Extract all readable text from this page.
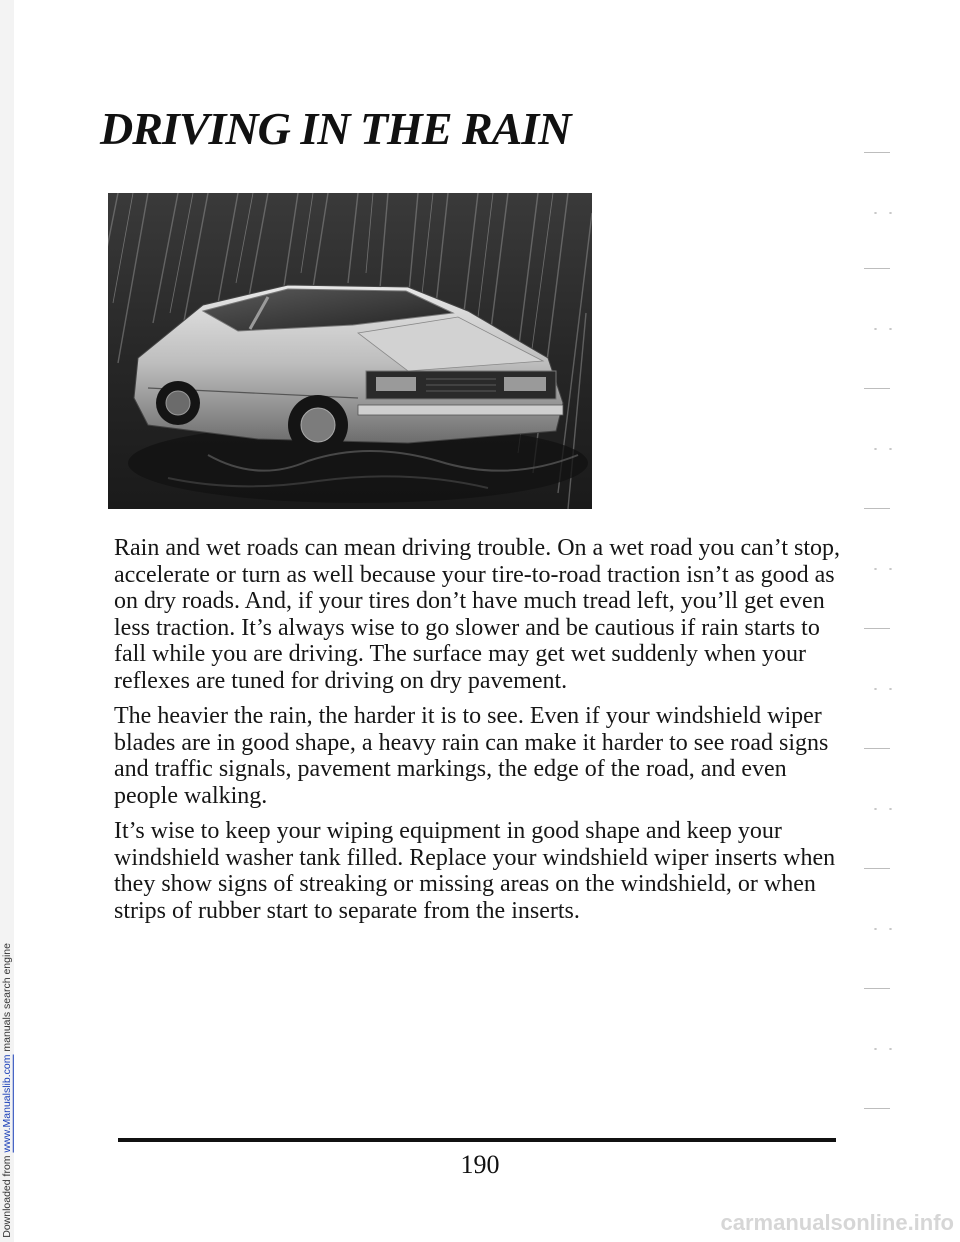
Downloaded from www.Manualslib.com manuals search engine
DRIVING IN THE RAIN

Rain and wet roads can mean driving trouble. On a wet road you can’t stop, accelerate or turn as well because your tire-to-road traction isn’t as good as on dry roads. And, if your tires don’t have much tread left, you’ll get even less traction. It’s always wise to go slower and be cautious if rain starts to fall while you are driving. The surface may get wet suddenly when your reflexes are tuned for driving on dry pavement.

The heavier the rain, the harder it is to see. Even if your windshield wiper blades are in good shape, a heavy rain can make it harder to see road signs and traffic signals, pavement markings, the edge of the road, and even people walking.

It’s wise to keep your wiping equipment in good shape and keep your windshield washer tank filled. Replace your windshield wiper inserts when they show signs of streaking or missing areas on the windshield, or when strips of rubber start to separate from the inserts.

190
carmanualsonline.info
